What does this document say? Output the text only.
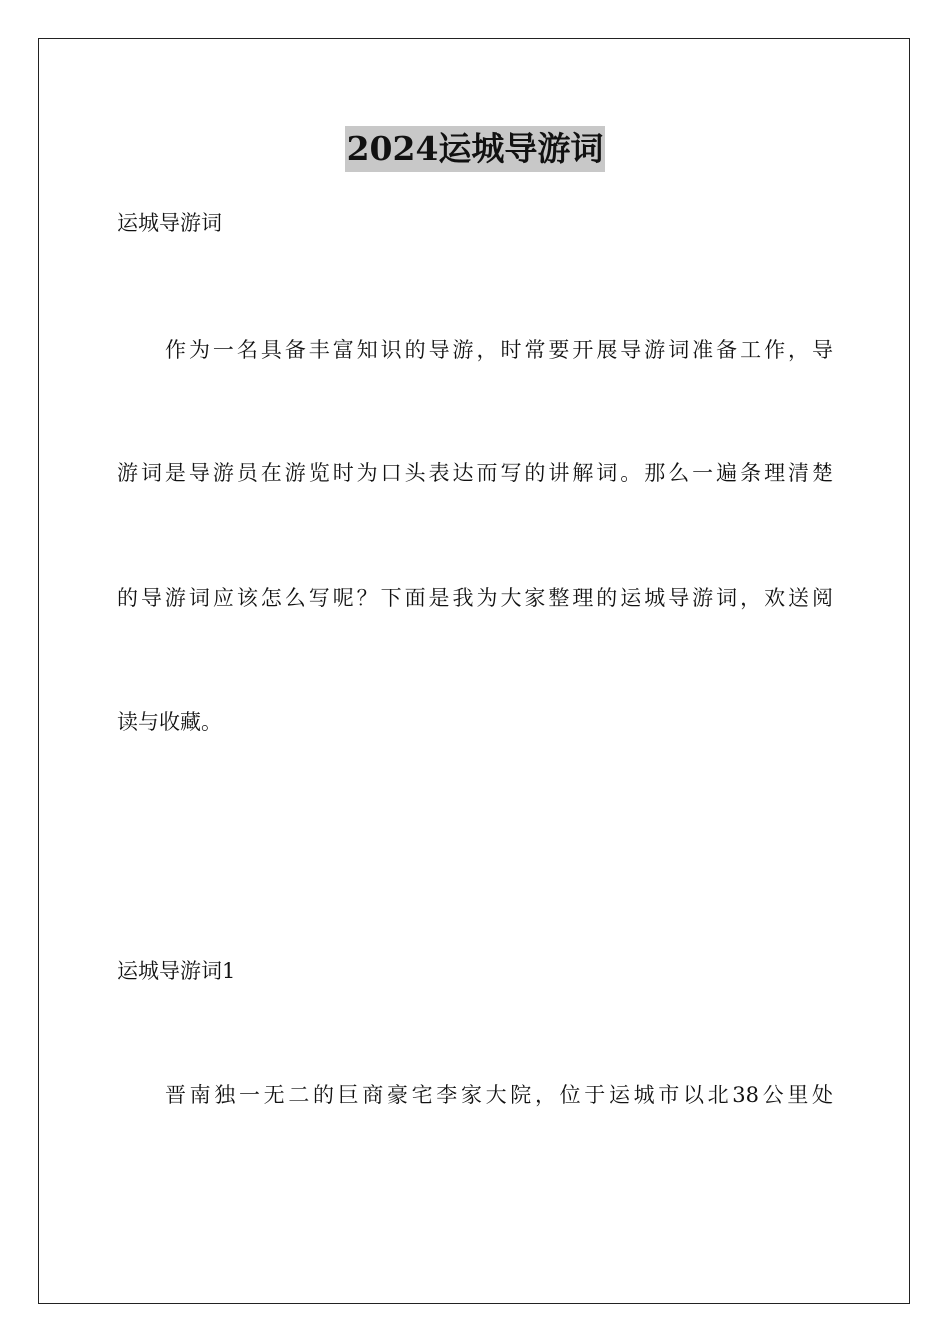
2024运城导游词
运城导游词
作为一名具备丰富知识的导游，时常要开展导游词准备工作，导
游词是导游员在游览时为口头表达而写的讲解词。那么一遍条理清楚
的导游词应该怎么写呢？下面是我为大家整理的运城导游词，欢送阅
读与收藏。
运城导游词1
晋南独一无二的巨商豪宅李家大院，位于运城市以北38公里处
